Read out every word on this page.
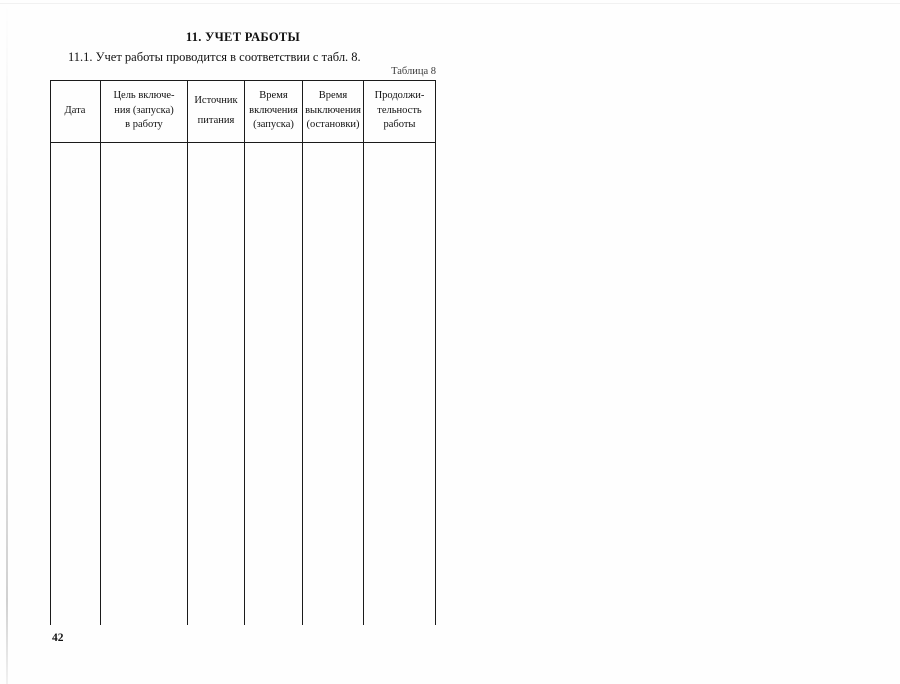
11. УЧЕТ РАБОТЫ
11.1. Учет работы проводится в соответствии с табл. 8.
Таблица 8
Дата
Цель включе-
ния (запуска)
в работу
Источник
питания
Время
включения
(запуска)
Время
выключения
(остановки)
Продолжи-
тельность
работы
42
